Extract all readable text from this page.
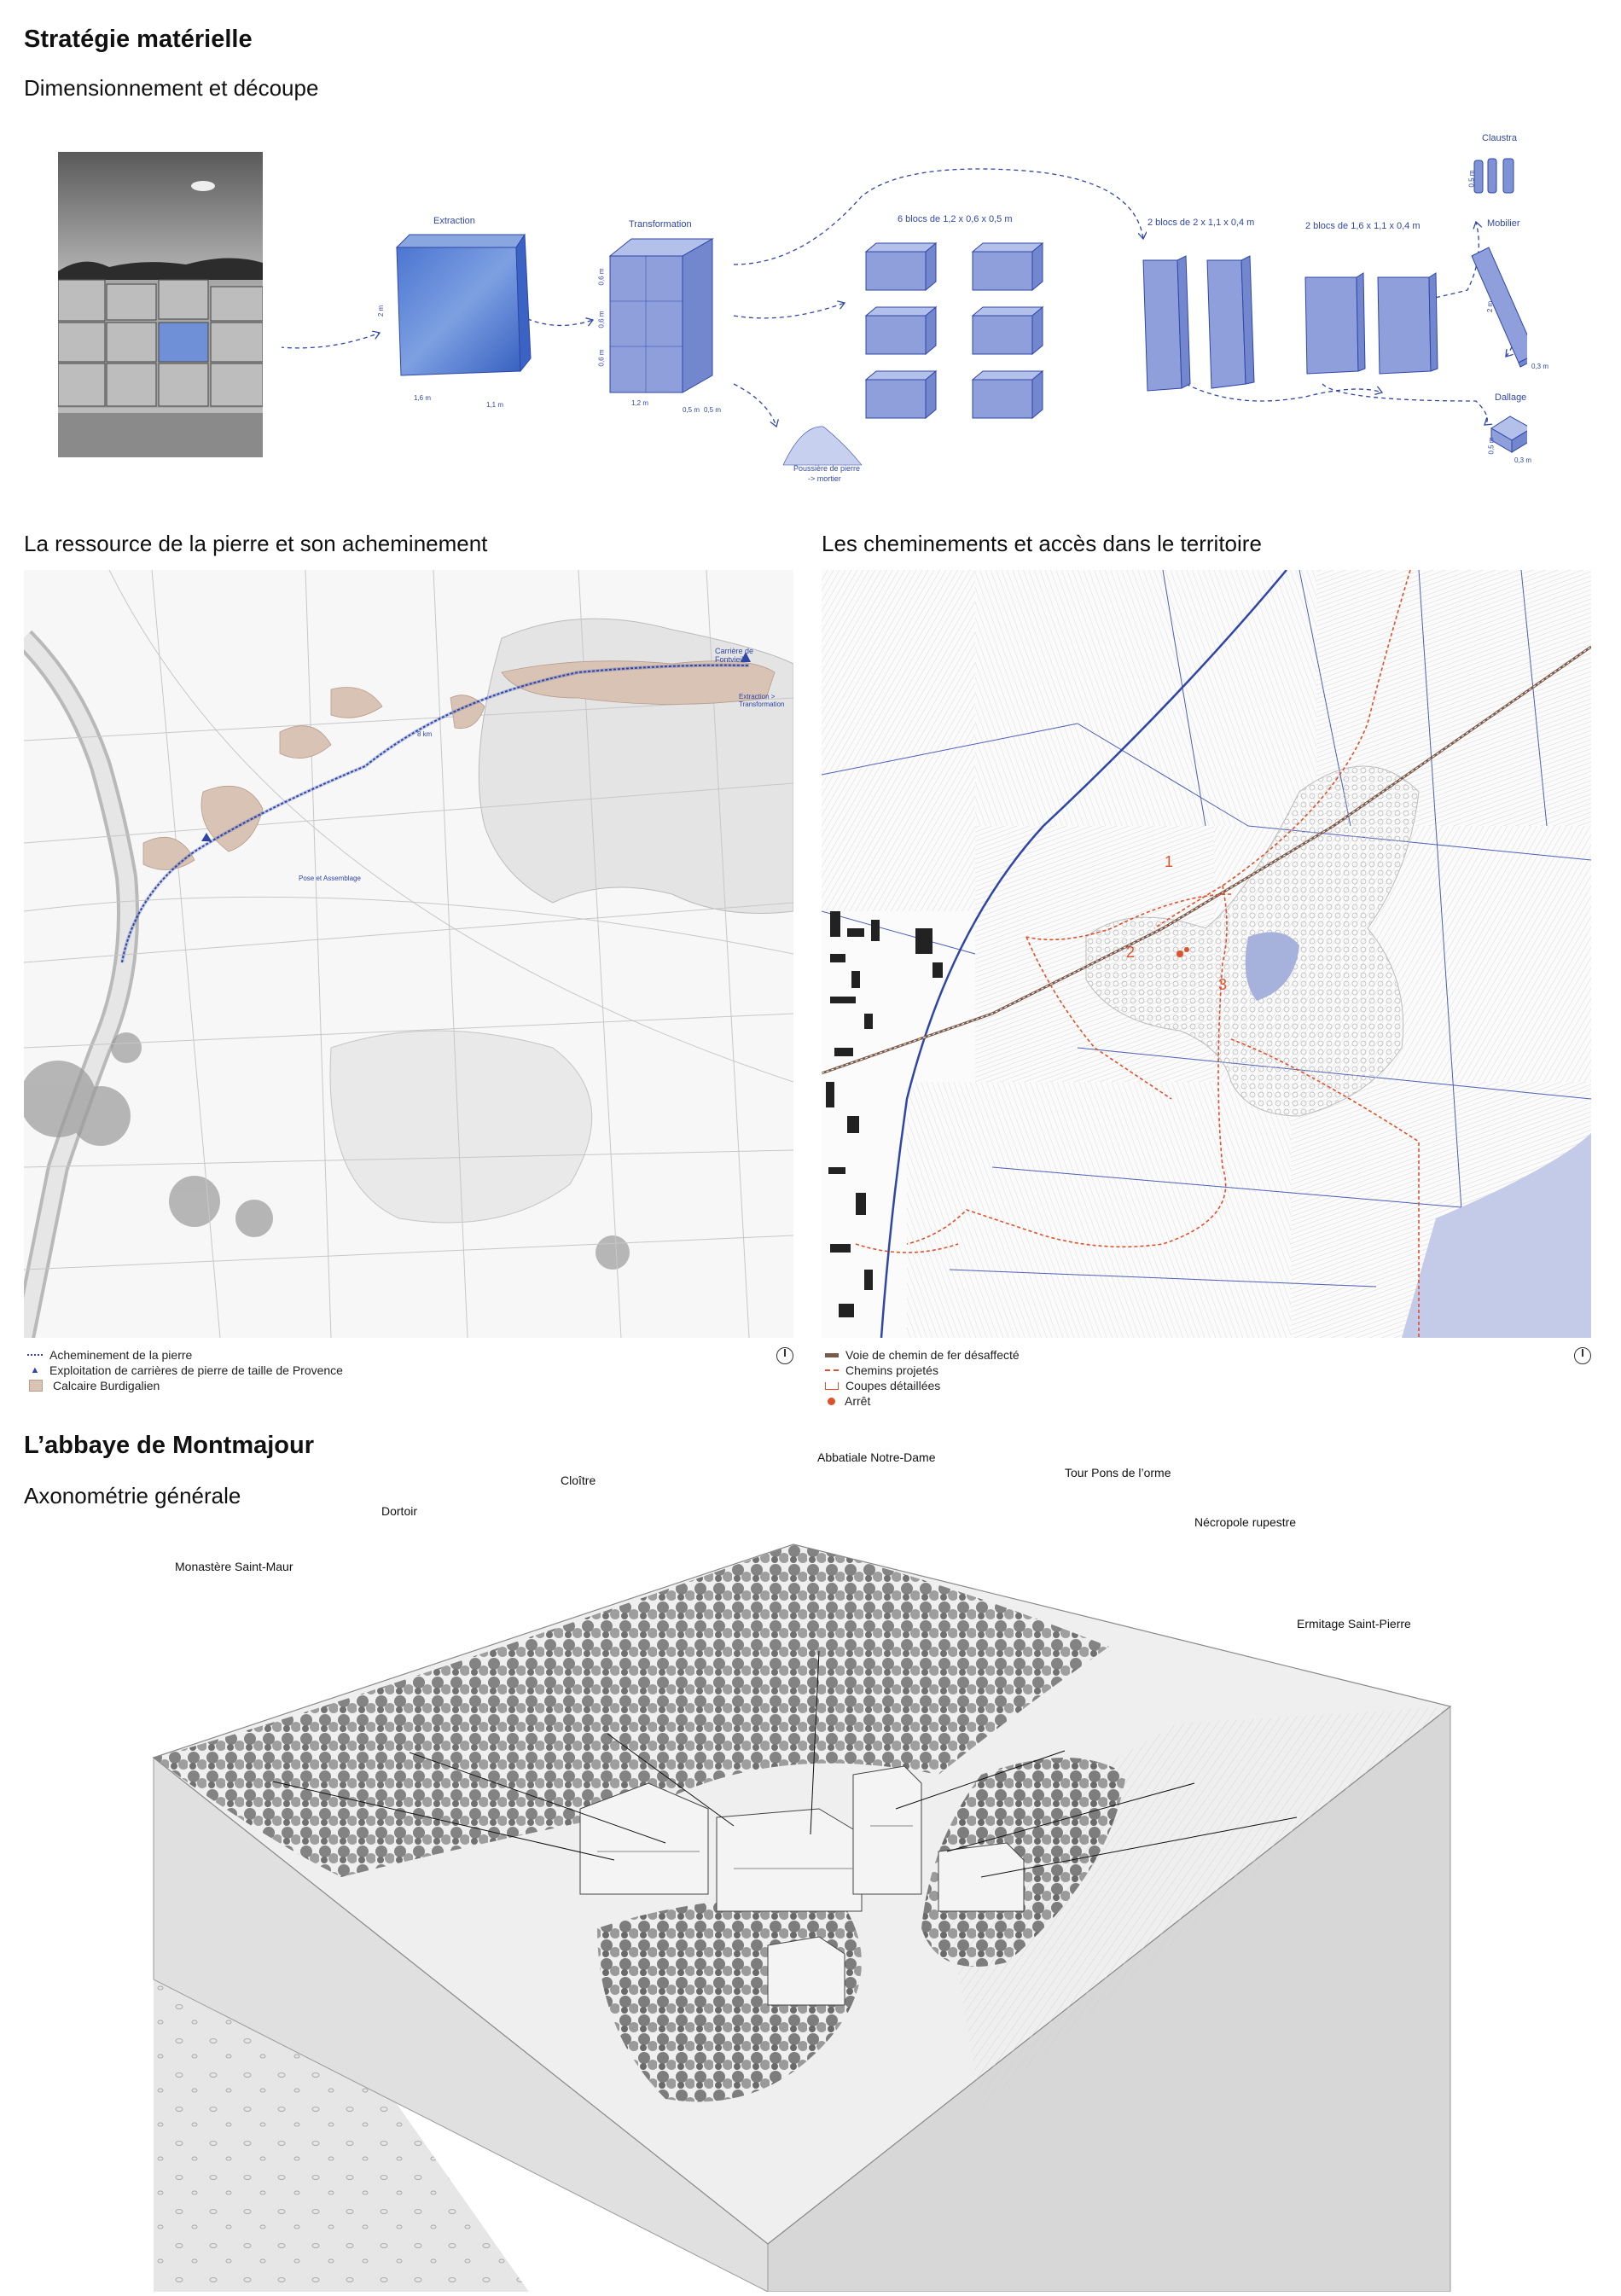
Stratégie matérielle
Dimensionnement et découpe
Extraction	Transformation	6 blocs de 1,2 x 0,6 x 0,5 m	2 blocs de 2 x 1,1 x 0,4 m	2 blocs de 1,6 x 1,1 x 0,4 m
Claustra
Mobilier
Dallage
Poussière de pierre
-> mortier
2 m
1,6 m
1,1 m
0,6 m
0,6 m
0,6 m
1,2 m
0,5 m 0,5 m
0,5 m
2 m
0,3 m
0,5 m
0,3 m
La ressource de la pierre et son acheminement
Carrière de Fontvieille
Extraction > Transformation
8 km
Pose et Assemblage
Acheminement de la pierre
▲ Exploitation de carrières de pierre de taille de Provence
Calcaire Burdigalien
Les cheminements et accès dans le territoire
1
2
3
Voie de chemin de fer désaffecté
Chemins projetés
Coupes détaillées
Arrêt
L’abbaye de Montmajour
Axonométrie générale
Abbatiale Notre-Dame
Cloître
Tour Pons de l’orme
Dortoir
Nécropole rupestre
Monastère Saint-Maur
Ermitage Saint-Pierre
